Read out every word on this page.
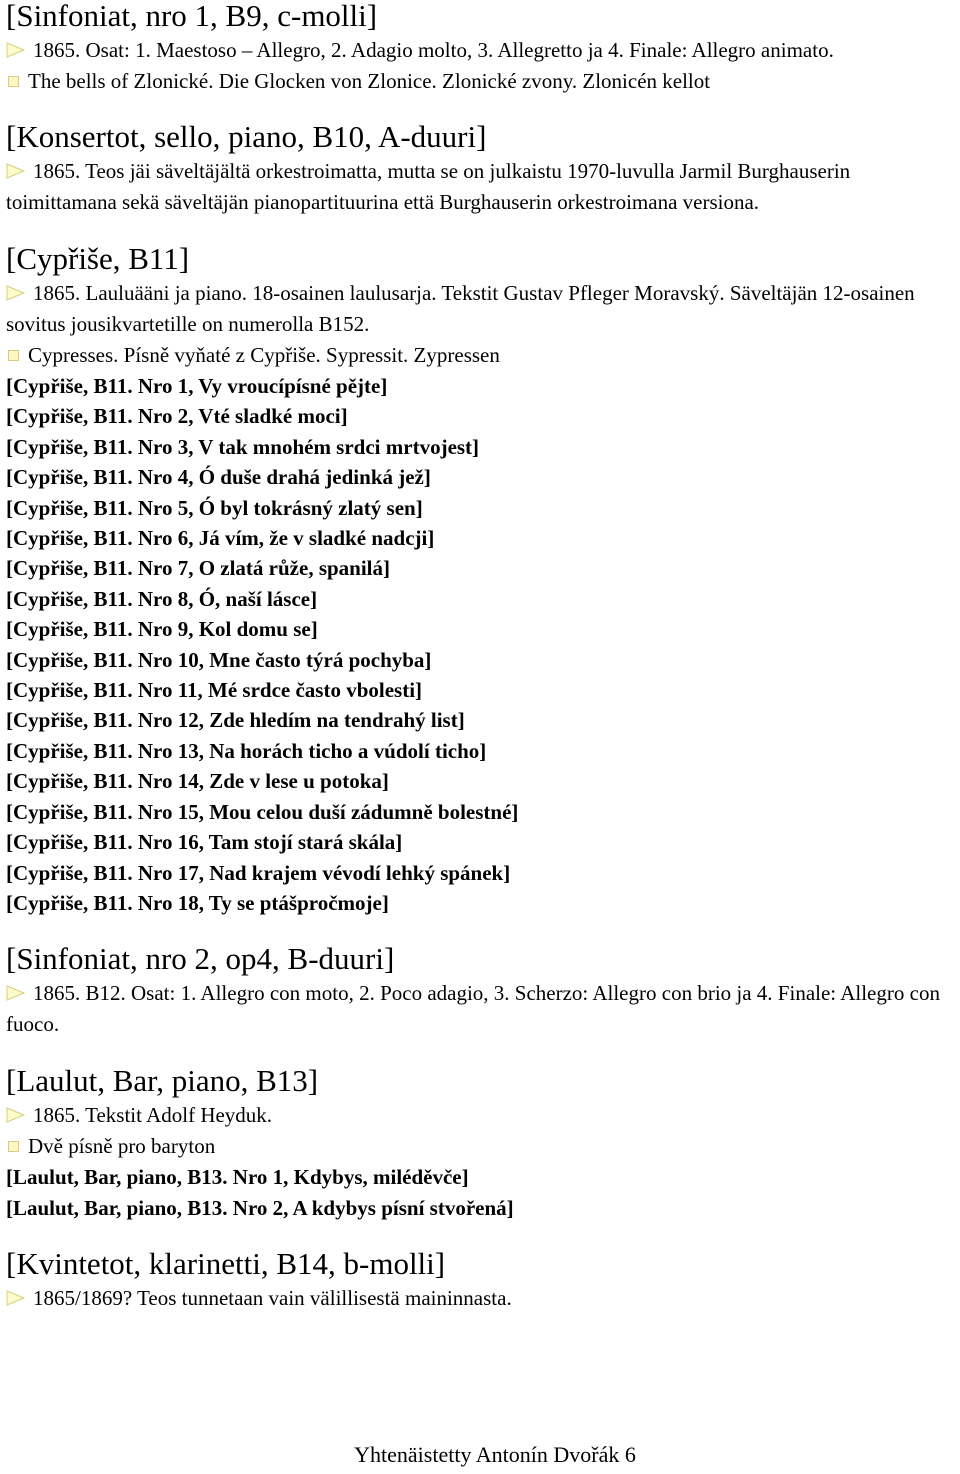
[Sinfoniat, nro 1, B9, c-molli]

1865. Osat: 1. Maestoso – Allegro, 2. Adagio molto, 3. Allegretto ja 4. Finale: Allegro animato.

The bells of Zlonické. Die Glocken von Zlonice. Zlonické zvony. Zlonicén kellot

[Konsertot, sello, piano, B10, A-duuri]

1865. Teos jäi säveltäjältä orkestroimatta, mutta se on julkaistu 1970-luvulla Jarmil Burghauserin toimittamana sekä säveltäjän pianopartituurina että Burghauserin orkestroimana versiona.

[Cypřiše, B11]

1865. Lauluääni ja piano. 18-osainen laulusarja. Tekstit Gustav Pfleger Moravský. Säveltäjän 12-osainen sovitus jousikvartetille on numerolla B152.

Cypresses. Písně vyňaté z Cypřiše. Sypressit. Zypressen

[Cypřiše, B11. Nro 1, Vy vroucípísné pějte]

[Cypřiše, B11. Nro 2, Vté sladké moci]

[Cypřiše, B11. Nro 3, V tak mnohém srdci mrtvojest]

[Cypřiše, B11. Nro 4, Ó duše drahá jedinká jež]

[Cypřiše, B11. Nro 5, Ó byl tokrásný zlatý sen]

[Cypřiše, B11. Nro 6, Já vím, že v sladké nadcji]

[Cypřiše, B11. Nro 7, O zlatá růže, spanilá]

[Cypřiše, B11. Nro 8, Ó, naší lásce]

[Cypřiše, B11. Nro 9, Kol domu se]

[Cypřiše, B11. Nro 10, Mne často týrá pochyba]

[Cypřiše, B11. Nro 11, Mé srdce často vbolesti]

[Cypřiše, B11. Nro 12, Zde hledím na tendrahý list]

[Cypřiše, B11. Nro 13, Na horách ticho a vúdolí ticho]

[Cypřiše, B11. Nro 14, Zde v lese u potoka]

[Cypřiše, B11. Nro 15, Mou celou duší zádumně bolestné]

[Cypřiše, B11. Nro 16, Tam stojí stará skála]

[Cypřiše, B11. Nro 17, Nad krajem vévodí lehký spánek]

[Cypřiše, B11. Nro 18, Ty se ptášpročmoje]

[Sinfoniat, nro 2, op4, B-duuri]

1865. B12. Osat: 1. Allegro con moto, 2. Poco adagio, 3. Scherzo: Allegro con brio ja 4. Finale: Allegro con fuoco.

[Laulut, Bar, piano, B13]

1865. Tekstit Adolf Heyduk.

Dvě písně pro baryton

[Laulut, Bar, piano, B13. Nro 1, Kdybys, miléděvče]

[Laulut, Bar, piano, B13. Nro 2, A kdybys písní stvořená]

[Kvintetot, klarinetti, B14, b-molli]

1865/1869? Teos tunnetaan vain välillisestä maininnasta.

Yhtenäistetty Antonín Dvořák 6
